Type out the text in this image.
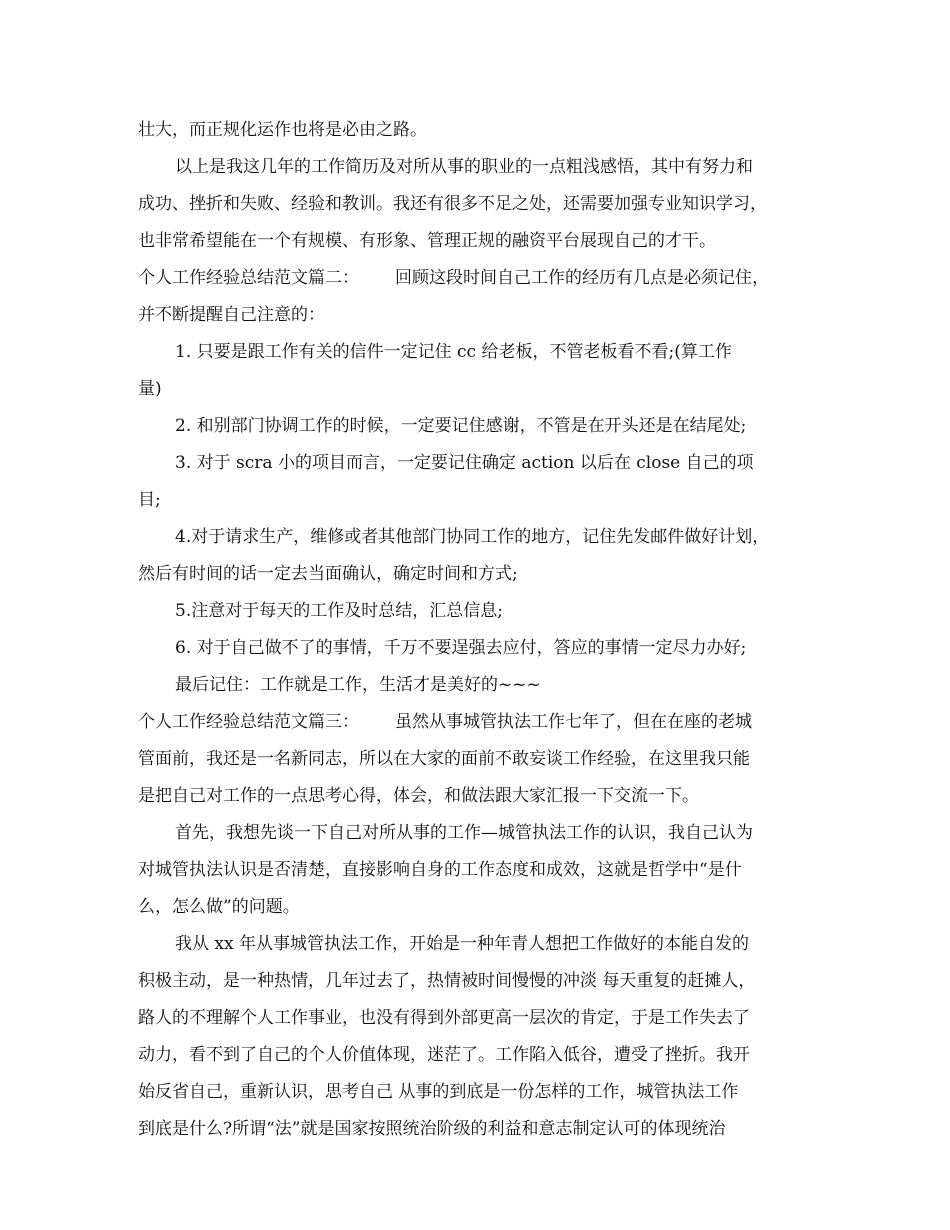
壮大，而正规化运作也将是必由之路。
以上是我这几年的工作简历及对所从事的职业的一点粗浅感悟，其中有努力和
成功、挫折和失败、经验和教训。我还有很多不足之处，还需要加强专业知识学习，
也非常希望能在一个有规模、有形象、管理正规的融资平台展现自己的才干。
个人工作经验总结范文篇二： 回顾这段时间自己工作的经历有几点是必须记住，
并不断提醒自己注意的：
1. 只要是跟工作有关的信件一定记住 cc 给老板，不管老板看不看;(算工作
量)
2. 和别部门协调工作的时候，一定要记住感谢，不管是在开头还是在结尾处;
3. 对于 scra 小的项目而言，一定要记住确定 action 以后在 close 自己的项
目;
4.对于请求生产，维修或者其他部门协同工作的地方，记住先发邮件做好计划，
然后有时间的话一定去当面确认，确定时间和方式;
5.注意对于每天的工作及时总结，汇总信息;
6. 对于自己做不了的事情，千万不要逞强去应付，答应的事情一定尽力办好;
最后记住：工作就是工作，生活才是美好的~~~
个人工作经验总结范文篇三： 虽然从事城管执法工作七年了，但在在座的老城
管面前，我还是一名新同志，所以在大家的面前不敢妄谈工作经验，在这里我只能
是把自己对工作的一点思考心得，体会，和做法跟大家汇报一下交流一下。
首先，我想先谈一下自己对所从事的工作—城管执法工作的认识，我自己认为
对城管执法认识是否清楚，直接影响自身的工作态度和成效，这就是哲学中“是什
么，怎么做”的问题。
我从 xx 年从事城管执法工作，开始是一种年青人想把工作做好的本能自发的
积极主动，是一种热情，几年过去了，热情被时间慢慢的冲淡 每天重复的赶摊人，
路人的不理解个人工作事业，也没有得到外部更高一层次的肯定，于是工作失去了
动力，看不到了自己的个人价值体现，迷茫了。工作陷入低谷，遭受了挫折。我开
始反省自己，重新认识，思考自己 从事的到底是一份怎样的工作，城管执法工作
到底是什么?所谓“法”就是国家按照统治阶级的利益和意志制定认可的体现统治
